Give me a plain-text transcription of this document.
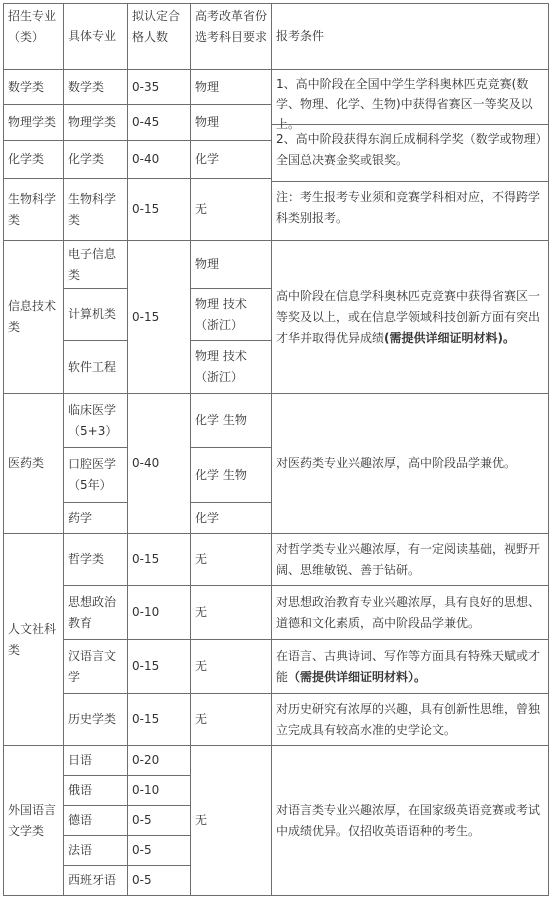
招生专业（类）	具体专业	拟认定合格人数	高考改革省份选考科目要求	报考条件
数学类	数学类	0-35	物理	1、高中阶段在全国中学生学科奥林匹克竞赛(数学、物理、化学、生物)中获得省赛区一等奖及以上。
2、高中阶段获得东润丘成桐科学奖（数学或物理）全国总决赛金奖或银奖。
注：考生报考专业须和竞赛学科相对应，不得跨学科类别报考。

物理学类	物理学类	0-45	物理	
化学类	化学类	0-40	化学	
生物科学类	生物科学类	0-15	无	
信息技术类	电子信息类	0-15	物理	高中阶段在信息学科奥林匹克竞赛中获得省赛区一等奖及以上，或在信息学领域科技创新方面有突出才华并取得优异成绩(需提供详细证明材料)。
	计算机类		物理 技术（浙江）	
	软件工程		物理 技术（浙江）	
医药类	临床医学（5+3）	0-40	化学 生物	对医药类专业兴趣浓厚，高中阶段品学兼优。
	口腔医学（5年）		化学 生物	
	药学		化学	
人文社科类	哲学类	0-15	无	对哲学类专业兴趣浓厚，有一定阅读基础，视野开阔、思维敏锐、善于钻研。
	思想政治教育	0-10	无	对思想政治教育专业兴趣浓厚，具有良好的思想、道德和文化素质，高中阶段品学兼优。
	汉语言文学	0-15	无	在语言、古典诗词、写作等方面具有特殊天赋或才能（需提供详细证明材料）。
	历史学类	0-15	无	对历史研究有浓厚的兴趣，具有创新性思维，曾独立完成具有较高水准的史学论文。
外国语言文学类	日语	0-20	无	对语言类专业兴趣浓厚，在国家级英语竞赛或考试中成绩优异。仅招收英语语种的考生。
	俄语	0-10		
	德语	0-5		
	法语	0-5		
	西班牙语	0-5		
